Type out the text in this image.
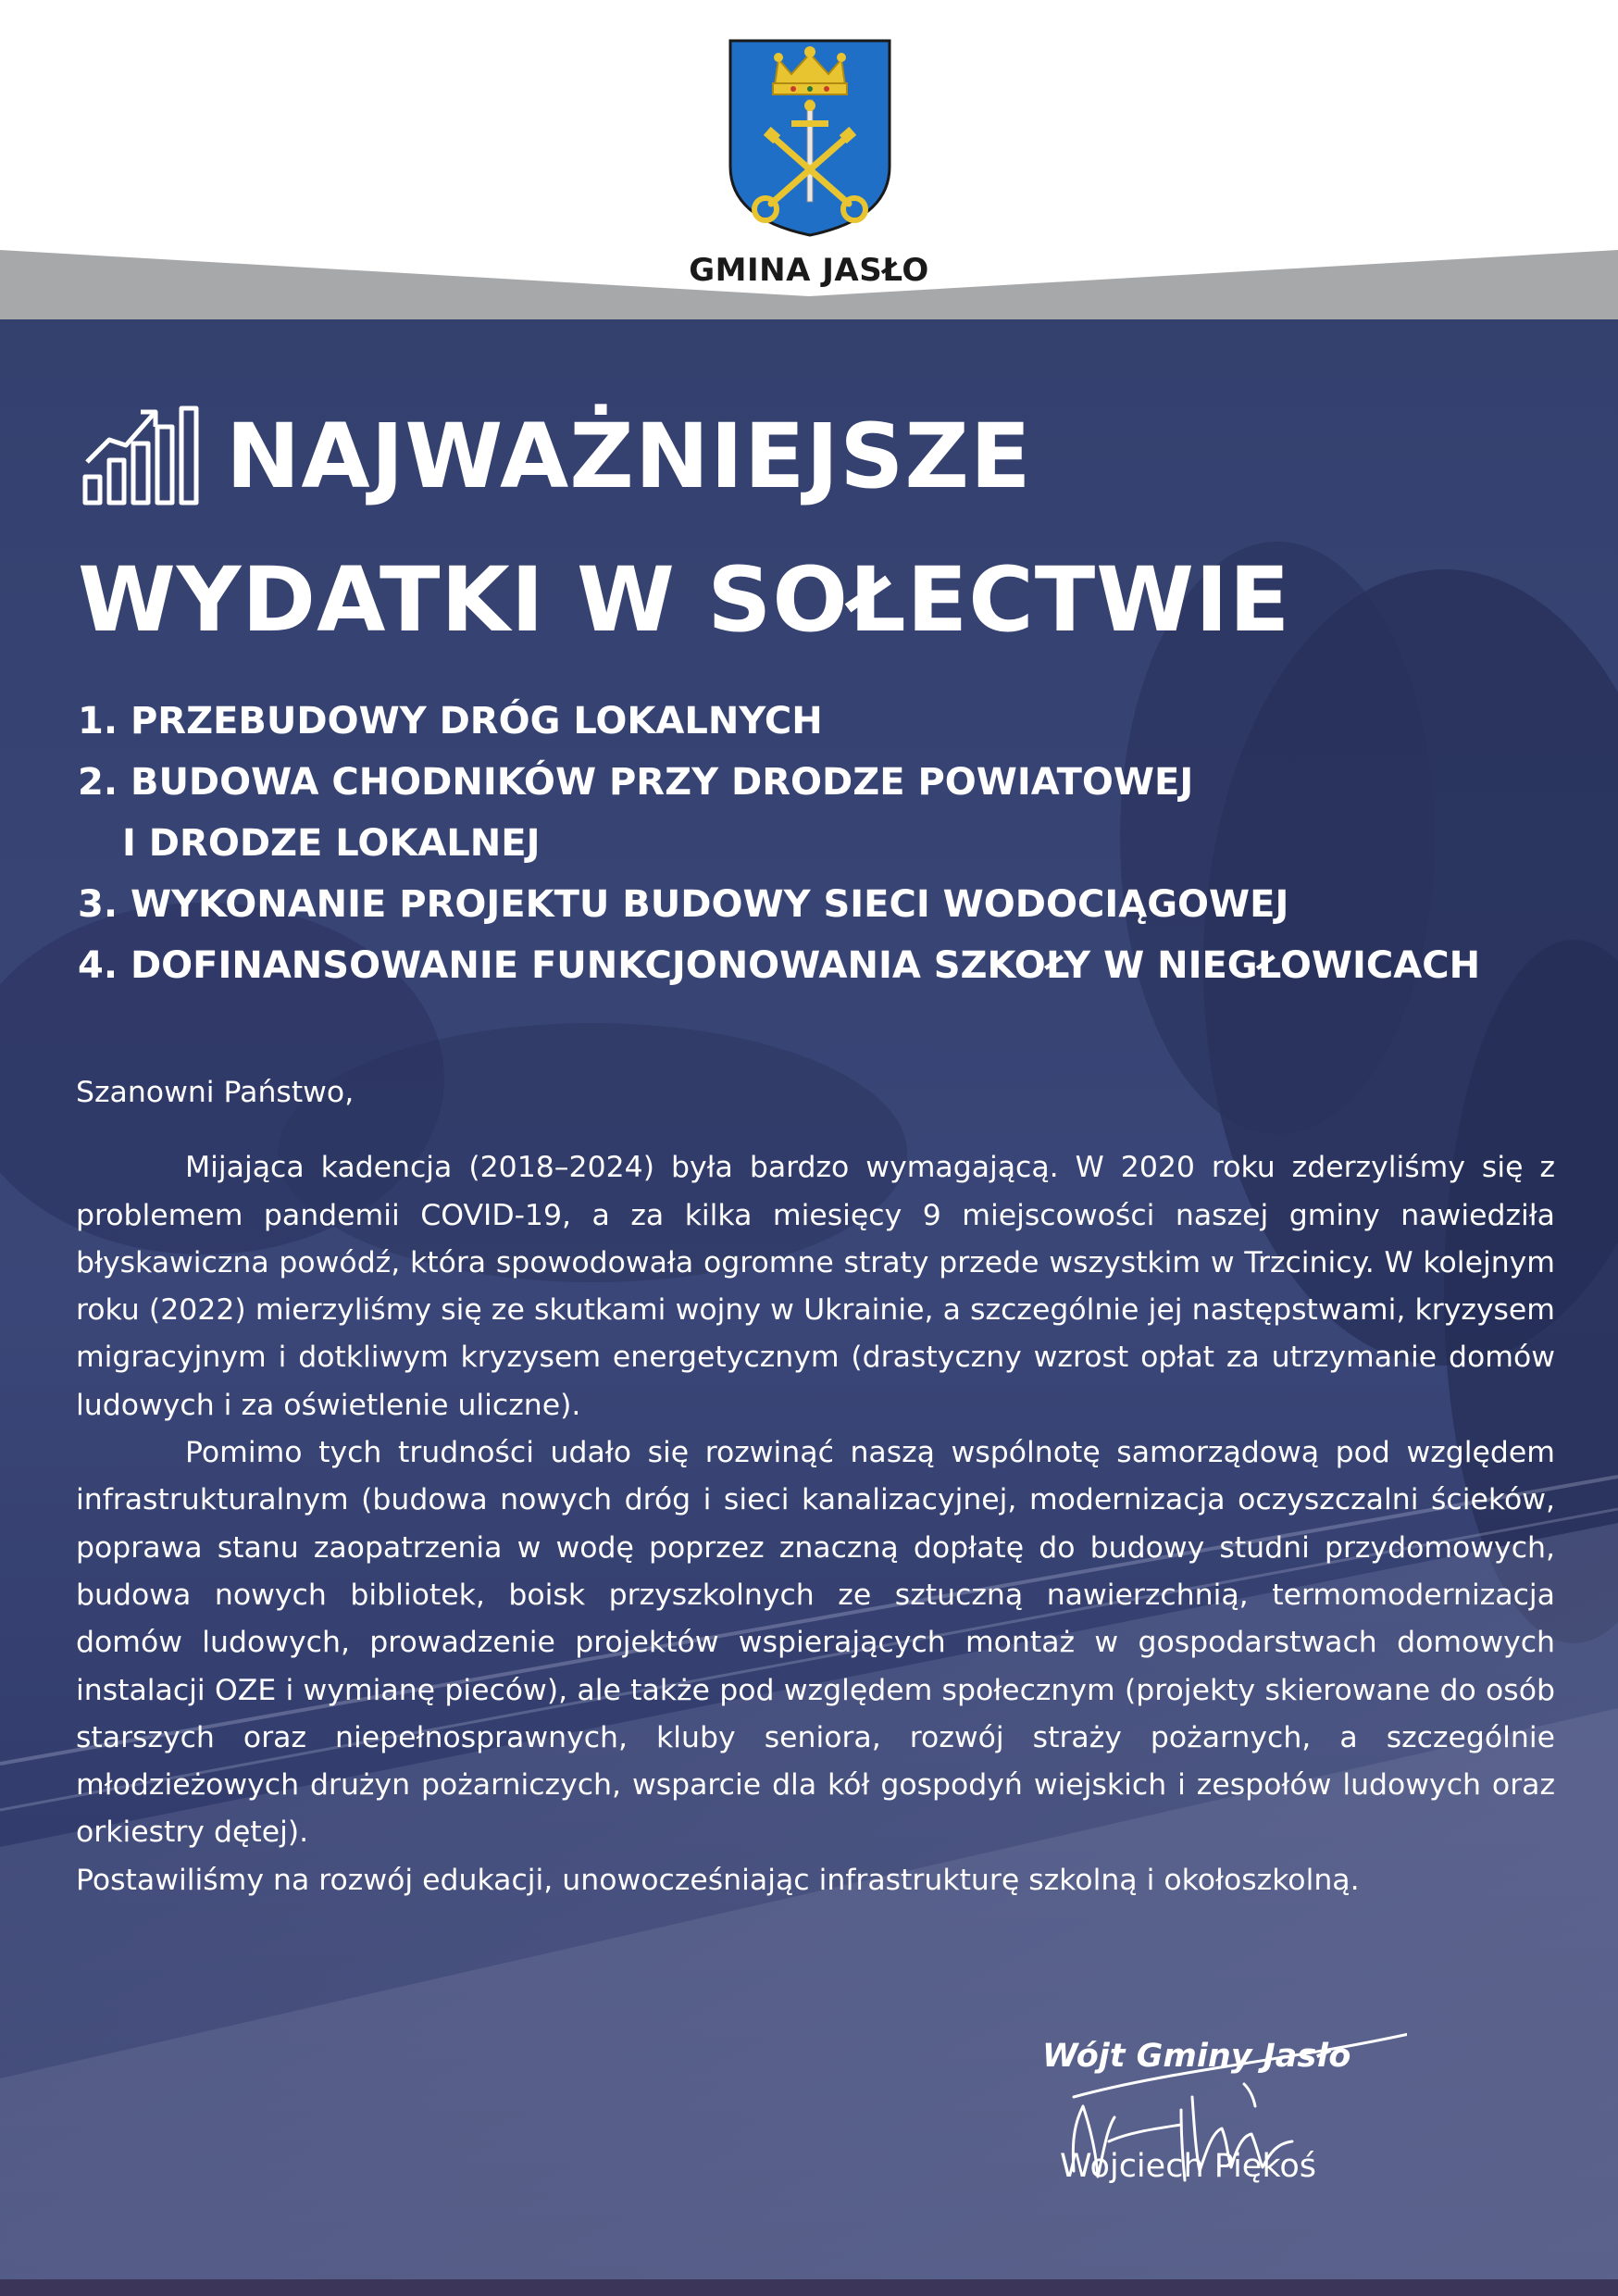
GMINA JASŁO
NAJWAŻNIEJSZE
WYDATKI W SOŁECTWIE
1. PRZEBUDOWY DRÓG LOKALNYCH
2. BUDOWA CHODNIKÓW PRZY DRODZE POWIATOWEJ
I DRODZE LOKALNEJ
3. WYKONANIE PROJEKTU BUDOWY SIECI WODOCIĄGOWEJ
4. DOFINANSOWANIE FUNKCJONOWANIA SZKOŁY W NIEGŁOWICACH
Szanowni Państwo,

Mijająca kadencja (2018–2024) była bardzo wymagającą. W 2020 roku zderzyliśmy się z problemem pandemii COVID-19, a za kilka miesięcy 9 miejscowości naszej gminy nawiedziła błyskawiczna powódź, która spowodowała ogromne straty przede wszystkim w Trzcinicy. W kolejnym roku (2022) mierzyliśmy się ze skutkami wojny w Ukrainie, a szczególnie jej następstwami, kryzysem migracyjnym i dotkliwym kryzysem energetycznym (drastyczny wzrost opłat za utrzymanie domów ludowych i za oświetlenie uliczne).

Pomimo tych trudności udało się rozwinąć naszą wspólnotę samorządową pod względem infrastrukturalnym (budowa nowych dróg i sieci kanalizacyjnej, modernizacja oczyszczalni ścieków, poprawa stanu zaopatrzenia w wodę poprzez znaczną dopłatę do budowy studni przydomowych, budowa nowych bibliotek, boisk przyszkolnych ze sztuczną nawierzchnią, termomodernizacja domów ludowych, prowadzenie projektów wspierających montaż w gospodarstwach domowych instalacji OZE i wymianę pieców), ale także pod względem społecznym (projekty skierowane do osób starszych oraz niepełnosprawnych, kluby seniora, rozwój straży pożarnych, a szczególnie młodzieżowych drużyn pożarniczych, wsparcie dla kół gospodyń wiejskich i zespołów ludowych oraz orkiestry dętej).

Postawiliśmy na rozwój edukacji, unowocześniając infrastrukturę szkolną i okołoszkolną.

Wójt Gminy Jasło
Wojciech Piękoś
